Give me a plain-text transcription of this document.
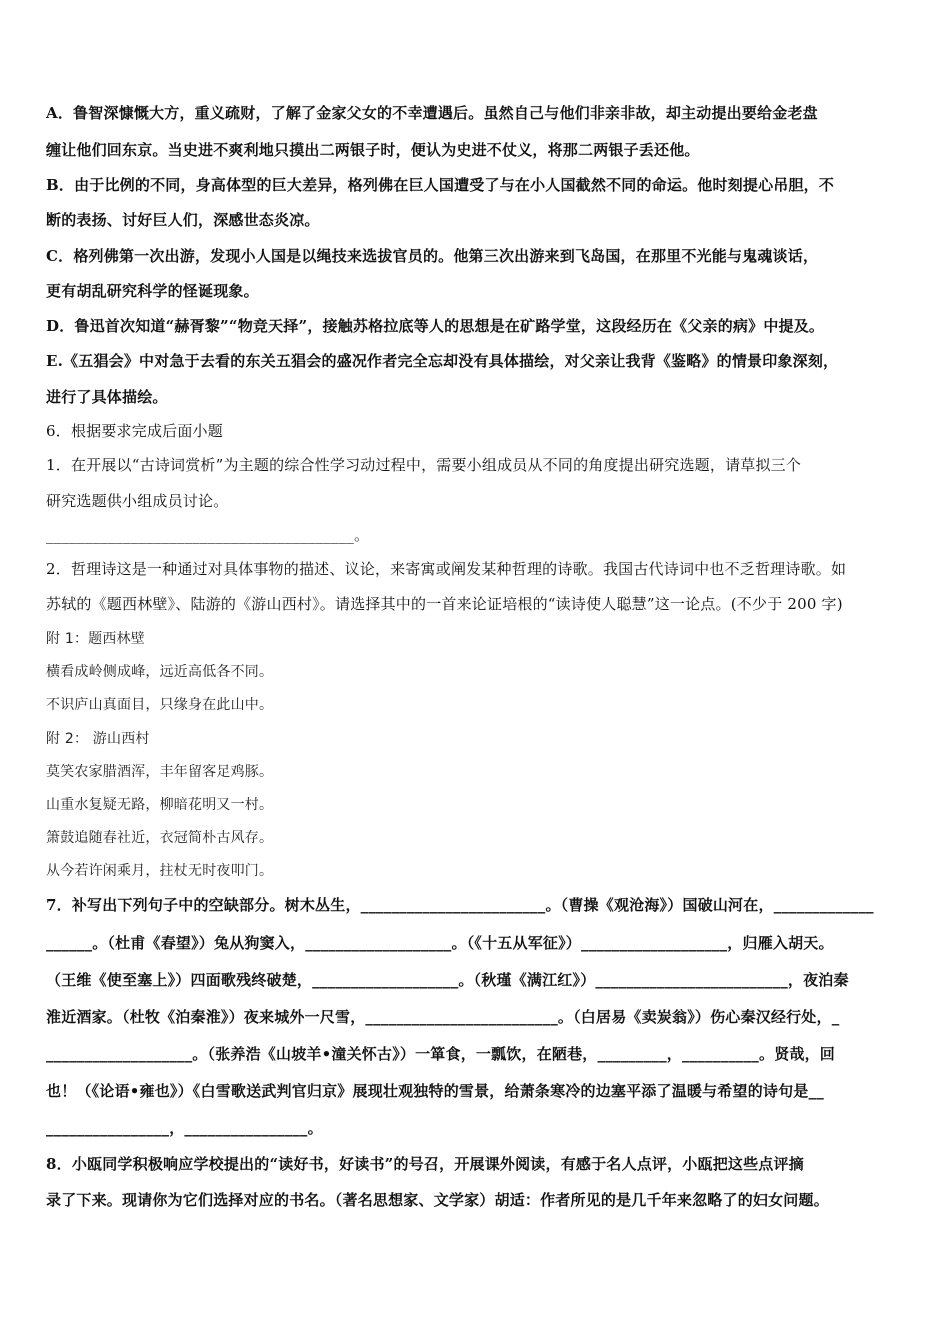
A．鲁智深慷慨大方，重义疏财，了解了金家父女的不幸遭遇后。虽然自己与他们非亲非故，却主动提出要给金老盘
缠让他们回东京。当史进不爽利地只摸出二两银子时，便认为史进不仗义，将那二两银子丢还他。
B．由于比例的不同，身高体型的巨大差异，格列佛在巨人国遭受了与在小人国截然不同的命运。他时刻提心吊胆，不
断的表扬、讨好巨人们，深感世态炎凉。
C．格列佛第一次出游，发现小人国是以绳技来选拔官员的。他第三次出游来到飞岛国，在那里不光能与鬼魂谈话，
更有胡乱研究科学的怪诞现象。
D．鲁迅首次知道“赫胥黎”“物竞天择”，接触苏格拉底等人的思想是在矿路学堂，这段经历在《父亲的病》中提及。
E.《五猖会》中对急于去看的东关五猖会的盛况作者完全忘却没有具体描绘，对父亲让我背《鉴略》的情景印象深刻，
进行了具体描绘。
6．根据要求完成后面小题
1．在开展以“古诗词赏析”为主题的综合性学习动过程中，需要小组成员从不同的角度提出研究选题，请草拟三个
研究选题供小组成员讨论。
________________________________________。
2．哲理诗这是一种通过对具体事物的描述、议论，来寄寓或阐发某种哲理的诗歌。我国古代诗词中也不乏哲理诗歌。如
苏轼的《题西林壁》、陆游的《游山西村》。请选择其中的一首来论证培根的“读诗使人聪慧”这一论点。(不少于 200 字)
附 1：题西林壁
横看成岭侧成峰，远近高低各不同。
不识庐山真面目，只缘身在此山中。
附 2： 游山西村
莫笑农家腊酒浑，丰年留客足鸡豚。
山重水复疑无路，柳暗花明又一村。
箫鼓追随春社近，衣冠简朴古风存。
从今若许闲乘月，拄杖无时夜叩门。
7．补写出下列句子中的空缺部分。树木丛生，________________________。（曹操《观沧海》）国破山河在，_____________
______。（杜甫《春望》）兔从狗窦入，___________________。（《十五从军征》）___________________，归雁入胡天。
（王维《使至塞上》）四面歌残终破楚，___________________。（秋瑾《满江红》）_________________________，夜泊秦
淮近酒家。（杜牧《泊秦淮》）夜来城外一尺雪，_________________________。（白居易《卖炭翁》）伤心秦汉经行处，_
___________________。（张养浩《山坡羊•潼关怀古》）一箪食，一瓢饮，在陋巷，_________，__________。贤哉，回
也！（《论语•雍也》）《白雪歌送武判官归京》展现壮观独特的雪景，给萧条寒冷的边塞平添了温暖与希望的诗句是__
________________，________________。
8．小瓯同学积极响应学校提出的“读好书，好读书”的号召，开展课外阅读，有感于名人点评，小瓯把这些点评摘
录了下来。现请你为它们选择对应的书名。（著名思想家、文学家）胡适：作者所见的是几千年来忽略了的妇女问题。
